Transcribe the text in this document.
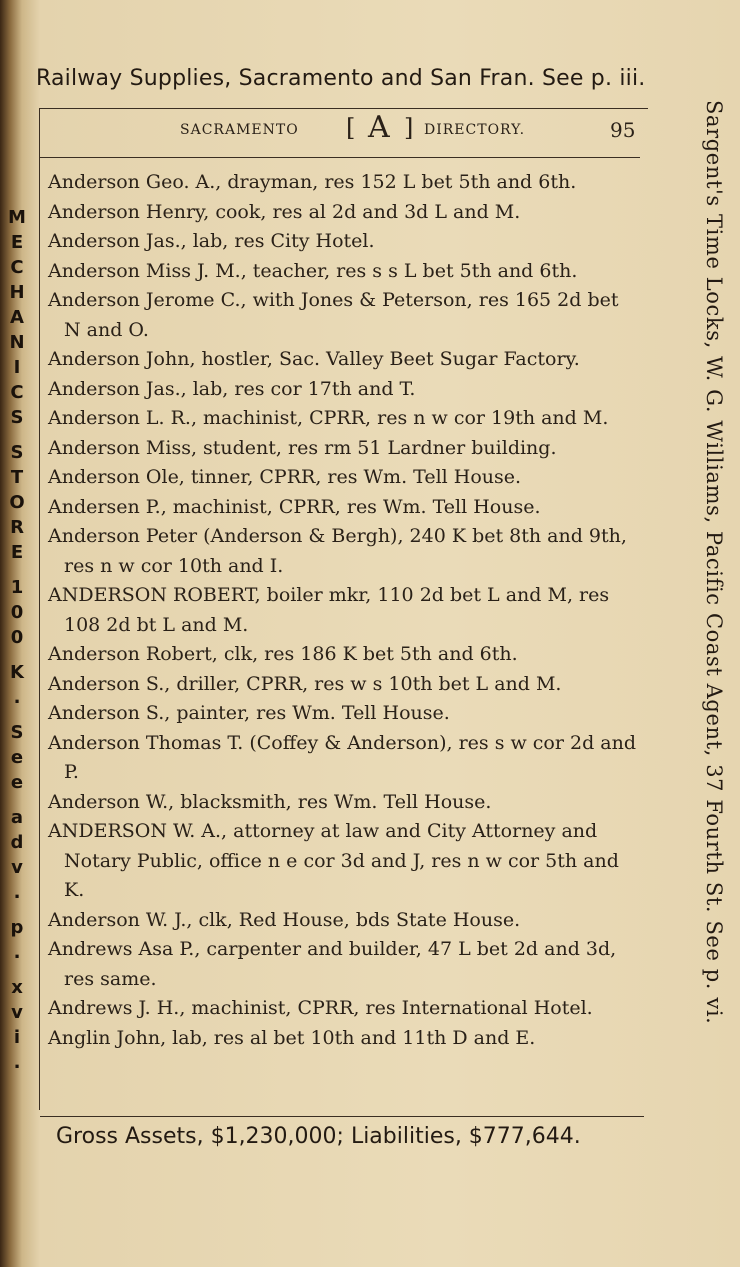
Railway Supplies, Sacramento and San Fran. See p. iii.
SACRAMENTO [ A ] DIRECTORY.	95

Anderson Geo. A., drayman, res 152 L bet 5th and 6th.

Anderson Henry, cook, res al 2d and 3d L and M.

Anderson Jas., lab, res City Hotel.

Anderson Miss J. M., teacher, res s s L bet 5th and 6th.

Anderson Jerome C., with Jones & Peterson, res 165 2d bet N and O.

Anderson John, hostler, Sac. Valley Beet Sugar Factory.

Anderson Jas., lab, res cor 17th and T.

Anderson L. R., machinist, CPRR, res n w cor 19th and M.

Anderson Miss, student, res rm 51 Lardner building.

Anderson Ole, tinner, CPRR, res Wm. Tell House.

Andersen P., machinist, CPRR, res Wm. Tell House.

Anderson Peter (Anderson & Bergh), 240 K bet 8th and 9th, res n w cor 10th and I.

ANDERSON ROBERT, boiler mkr, 110 2d bet L and M, res 108 2d bt L and M.

Anderson Robert, clk, res 186 K bet 5th and 6th.

Anderson S., driller, CPRR, res w s 10th bet L and M.

Anderson S., painter, res Wm. Tell House.

Anderson Thomas T. (Coffey & Anderson), res s w cor 2d and P.

Anderson W., blacksmith, res Wm. Tell House.

ANDERSON W. A., attorney at law and City Attorney and Notary Public, office n e cor 3d and J, res n w cor 5th and K.

Anderson W. J., clk, Red House, bds State House.

Andrews Asa P., carpenter and builder, 47 L bet 2d and 3d, res same.

Andrews J. H., machinist, CPRR, res International Hotel.

Anglin John, lab, res al bet 10th and 11th D and E.

Gross Assets, $1,230,000; Liabilities, $777,644.
Sargent's Time Locks, W. G. Williams, Pacific Coast Agent, 37 Fourth St. See p. vi.
M
E
C
H
A
N
I
C
S
S
T
O
R
E
1
0
0
K
.
S
e
e
a
d
v
.
p
.
x
v
i
.
